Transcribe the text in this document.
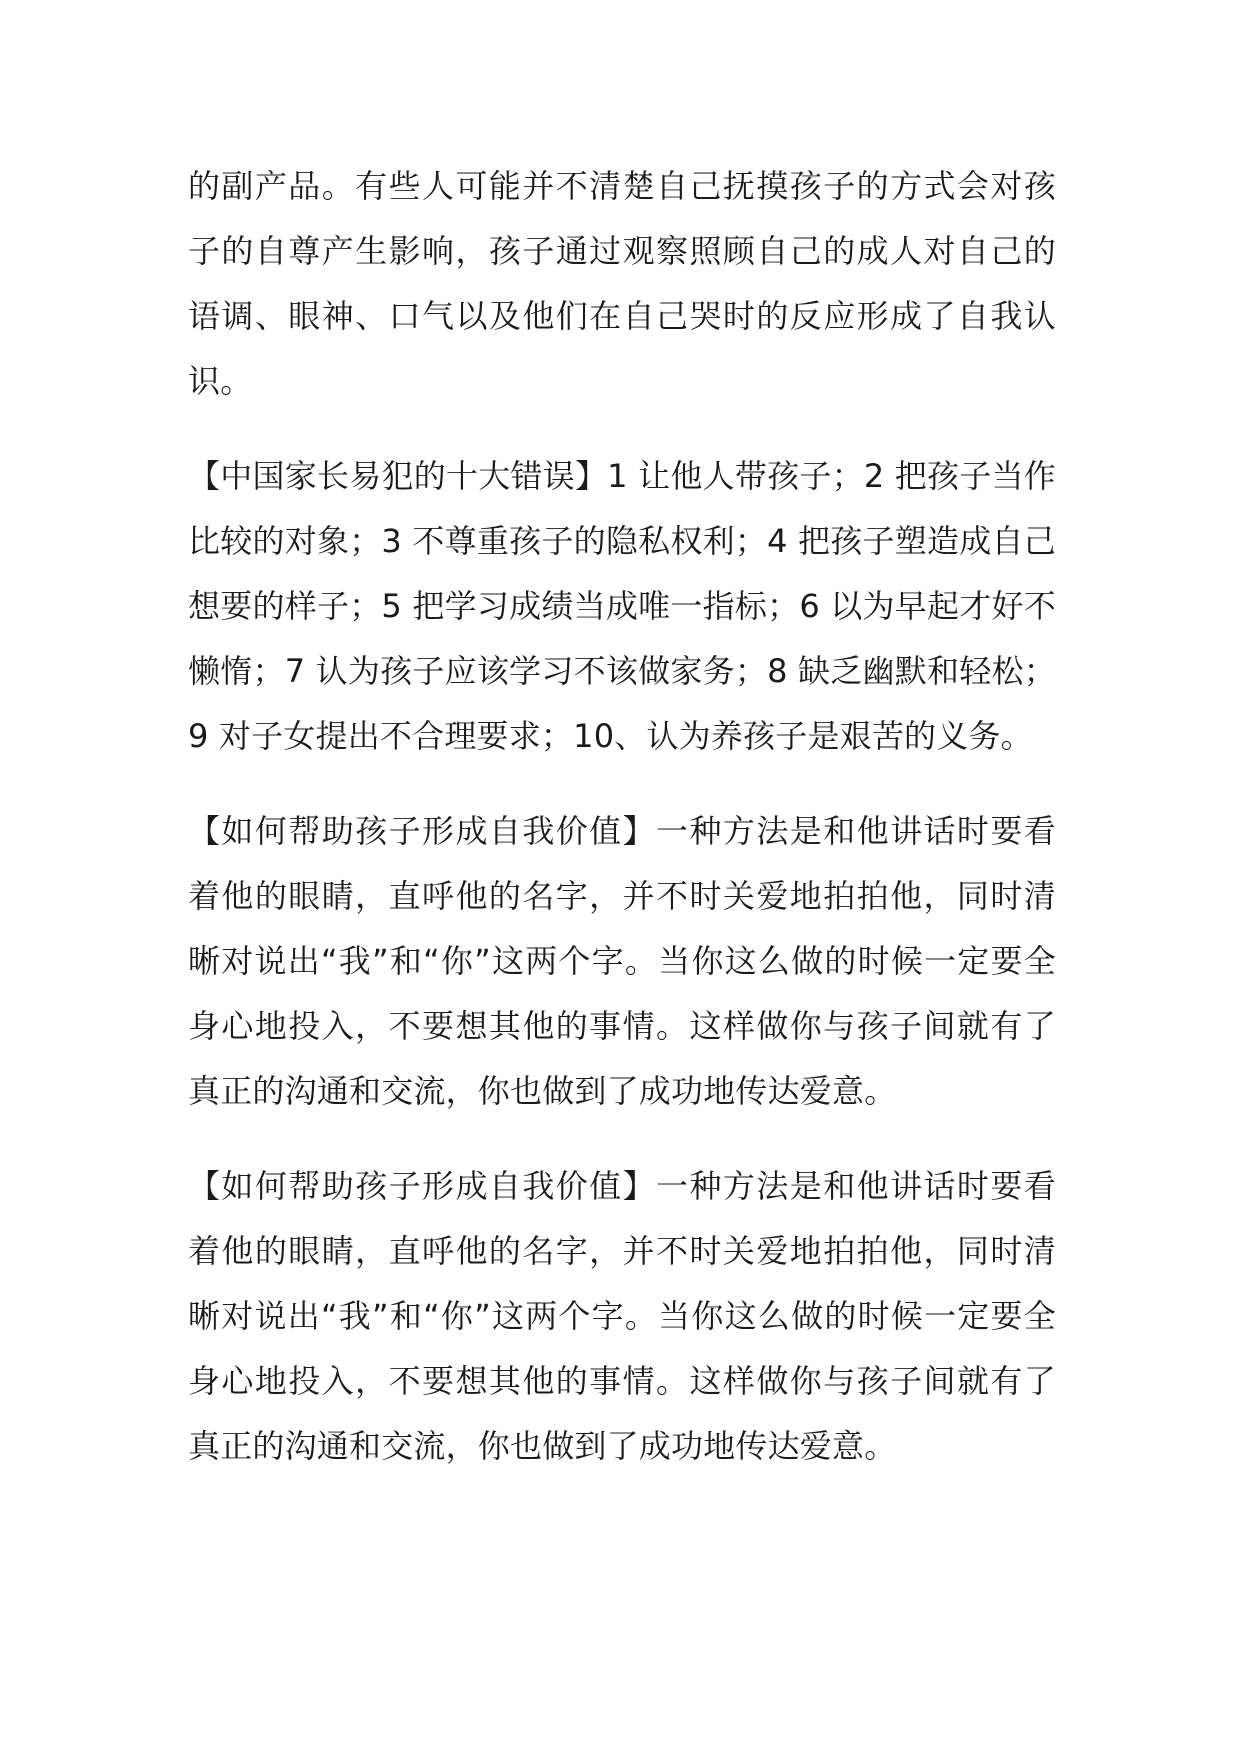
的副产品。有些人可能并不清楚自己抚摸孩子的方式会对孩子的自尊产生影响，孩子通过观察照顾自己的成人对自己的语调、眼神、口气以及他们在自己哭时的反应形成了自我认识。

【中国家长易犯的十大错误】1 让他人带孩子；2 把孩子当作比较的对象；3 不尊重孩子的隐私权利；4 把孩子塑造成自己想要的样子；5 把学习成绩当成唯一指标；6 以为早起才好不懒惰；7 认为孩子应该学习不该做家务；8 缺乏幽默和轻松；9 对子女提出不合理要求；10、认为养孩子是艰苦的义务。

【如何帮助孩子形成自我价值】一种方法是和他讲话时要看着他的眼睛，直呼他的名字，并不时关爱地拍拍他，同时清晰对说出“我”和“你”这两个字。当你这么做的时候一定要全身心地投入，不要想其他的事情。这样做你与孩子间就有了真正的沟通和交流，你也做到了成功地传达爱意。

【如何帮助孩子形成自我价值】一种方法是和他讲话时要看着他的眼睛，直呼他的名字，并不时关爱地拍拍他，同时清晰对说出“我”和“你”这两个字。当你这么做的时候一定要全身心地投入，不要想其他的事情。这样做你与孩子间就有了真正的沟通和交流，你也做到了成功地传达爱意。
